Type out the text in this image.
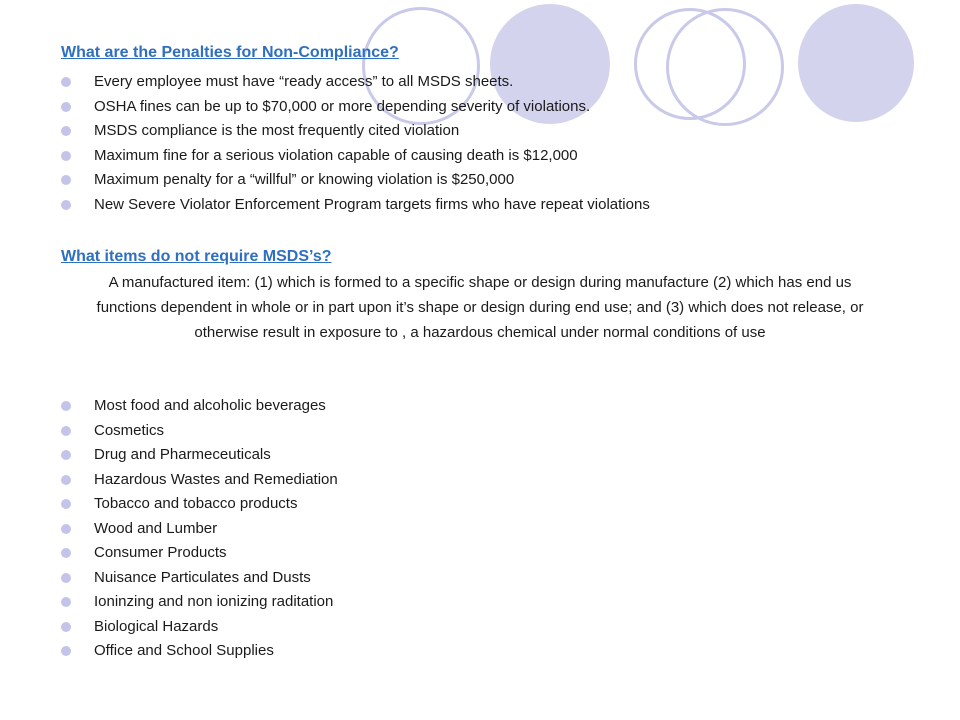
What are the Penalties for Non-Compliance?
Every employee must have “ready access” to all MSDS sheets.
OSHA fines can be up to $70,000 or more depending severity of violations.
MSDS compliance is the most frequently cited violation
Maximum fine for a serious violation capable of causing death is $12,000
Maximum penalty for a “willful” or knowing violation is $250,000
New Severe Violator Enforcement Program targets firms who have repeat violations
What items do not require MSDS’s?
A manufactured item: (1) which is formed to a specific shape or design during manufacture (2) which has end us functions dependent in whole or in part upon it’s shape or design during end use; and (3) which does not release, or otherwise result in exposure to , a hazardous chemical under normal conditions of use
Most food and alcoholic beverages
Cosmetics
Drug and Pharmeceuticals
Hazardous Wastes and Remediation
Tobacco and tobacco products
Wood and Lumber
Consumer Products
Nuisance Particulates and Dusts
Ioninzing and non ionizing raditation
Biological Hazards
Office and School Supplies
